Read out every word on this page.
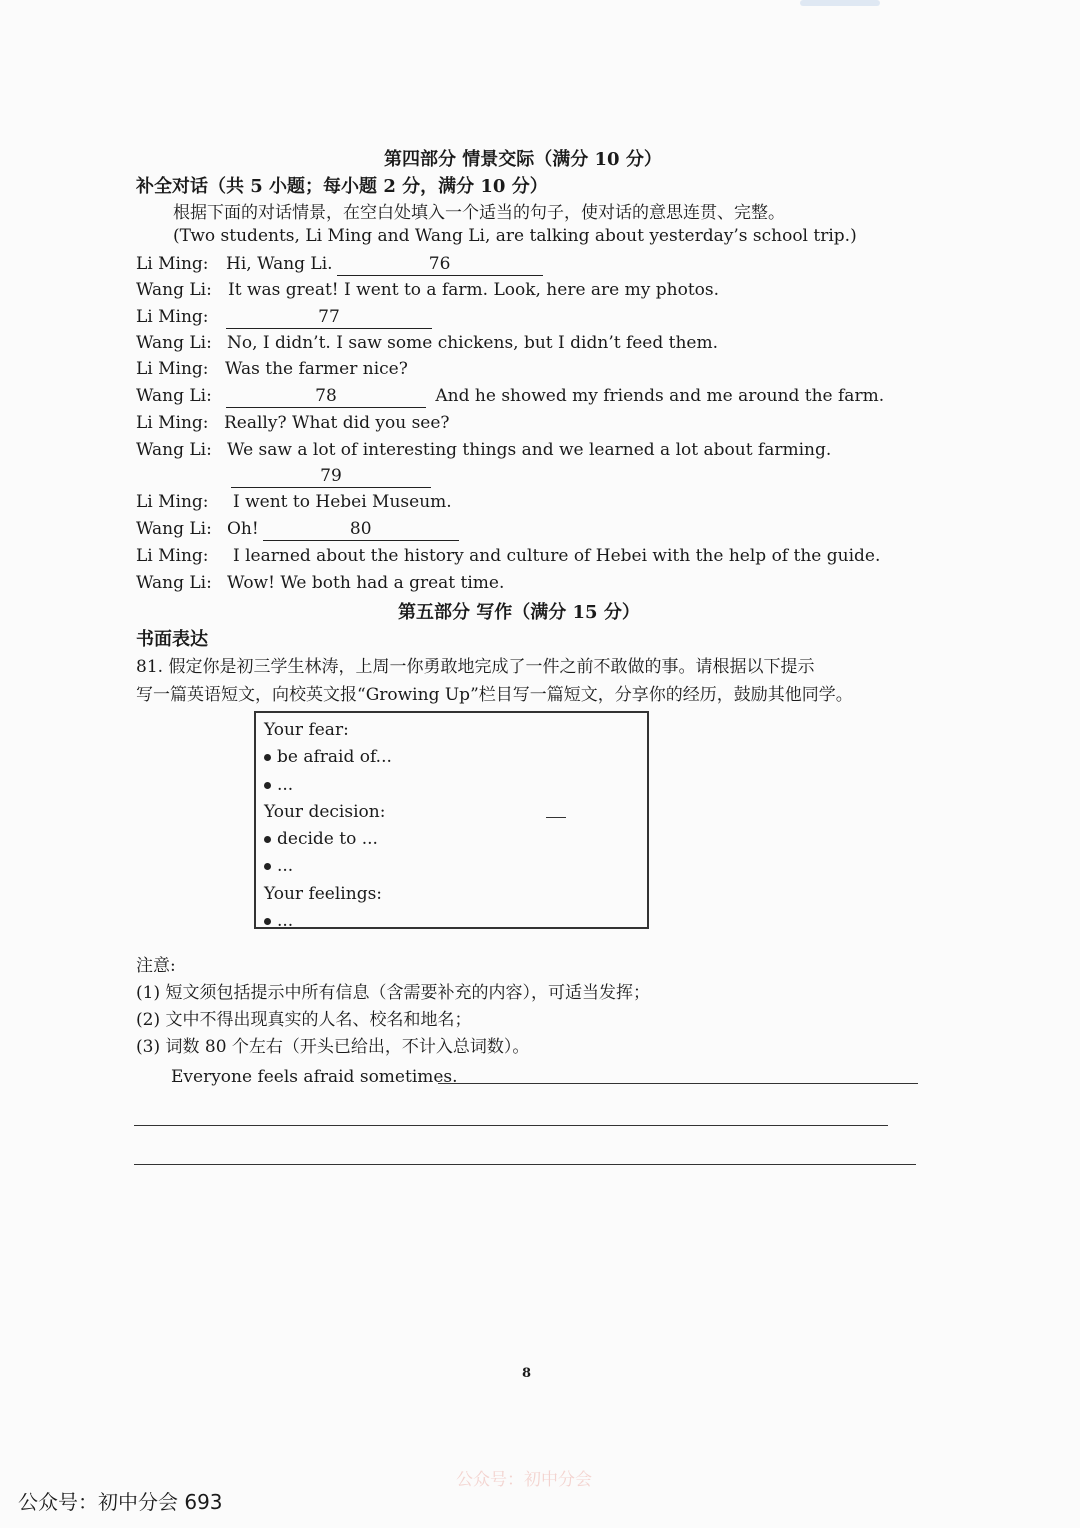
第四部分 情景交际（满分 10 分）
补全对话（共 5 小题；每小题 2 分，满分 10 分）
根据下面的对话情景，在空白处填入一个适当的句子，使对话的意思连贯、完整。
(Two students, Li Ming and Wang Li, are talking about yesterday’s school trip.)
Li Ming: Hi, Wang Li.	76
Wang Li: It was great! I went to a farm. Look, here are my photos.
Li Ming:	77
Wang Li: No, I didn’t. I saw some chickens, but I didn’t feed them.
Li Ming: Was the farmer nice?
Wang Li:	78	And he showed my friends and me around the farm.
Li Ming: Really? What did you see?
Wang Li: We saw a lot of interesting things and we learned a lot about farming.
79
Li Ming: I went to Hebei Museum.
Wang Li: Oh!	80
Li Ming: I learned about the history and culture of Hebei with the help of the guide.
Wang Li: Wow! We both had a great time.
第五部分 写作（满分 15 分）
书面表达
81. 假定你是初三学生林涛，上周一你勇敢地完成了一件之前不敢做的事。请根据以下提示
写一篇英语短文，向校英文报“Growing Up”栏目写一篇短文，分享你的经历，鼓励其他同学。
Your fear:
be afraid of...
...
Your decision:
decide to ...
...
Your feelings:
...
注意:
(1) 短文须包括提示中所有信息（含需要补充的内容），可适当发挥；
(2) 文中不得出现真实的人名、校名和地名；
(3) 词数 80 个左右（开头已给出，不计入总词数）。
Everyone feels afraid sometimes.
8
公众号：初中分会
公众号：初中分会 693
